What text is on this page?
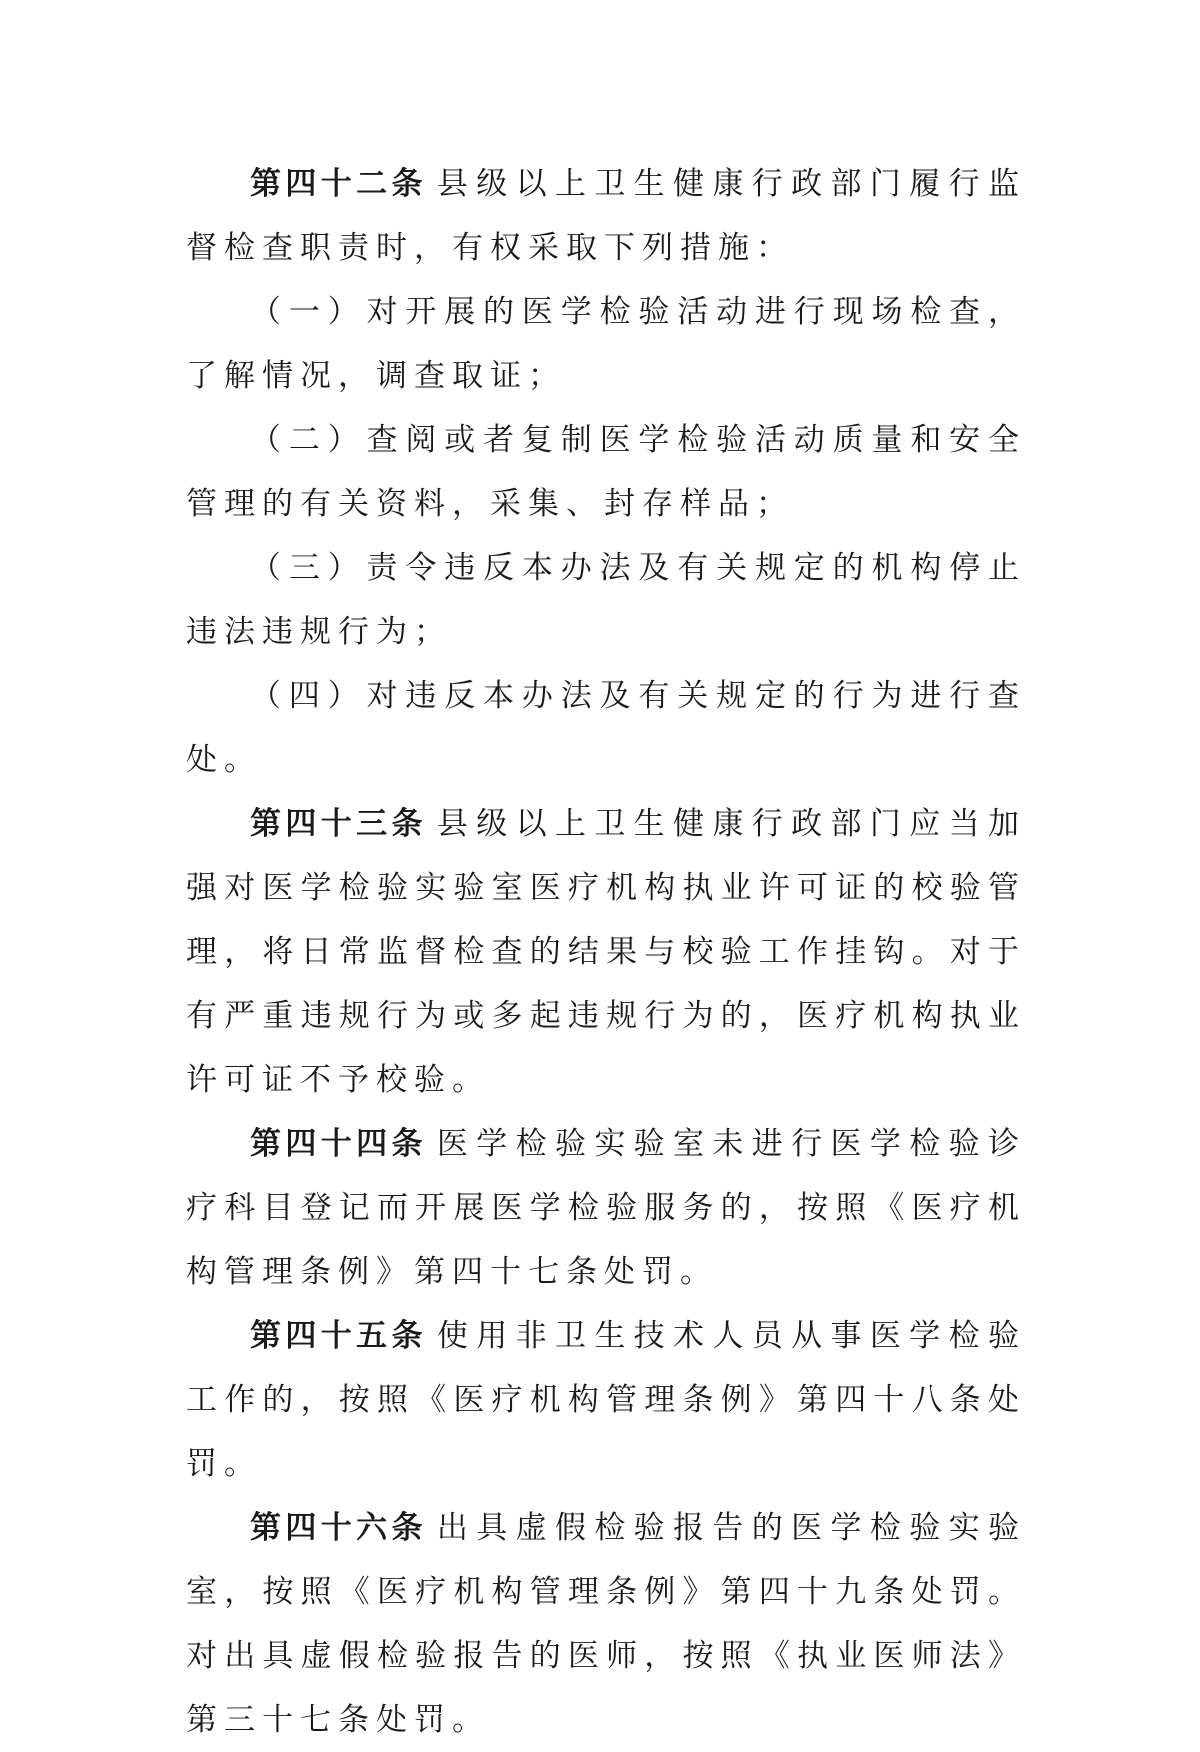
第四十二条 县级以上卫生健康行政部门履行监督检查职责时，有权采取下列措施：

（一）对开展的医学检验活动进行现场检查，了解情况，调查取证；

（二）查阅或者复制医学检验活动质量和安全管理的有关资料，采集、封存样品；

（三）责令违反本办法及有关规定的机构停止违法违规行为；

（四）对违反本办法及有关规定的行为进行查处。

第四十三条 县级以上卫生健康行政部门应当加强对医学检验实验室医疗机构执业许可证的校验管理，将日常监督检查的结果与校验工作挂钩。对于有严重违规行为或多起违规行为的，医疗机构执业许可证不予校验。

第四十四条 医学检验实验室未进行医学检验诊疗科目登记而开展医学检验服务的，按照《医疗机构管理条例》第四十七条处罚。

第四十五条 使用非卫生技术人员从事医学检验工作的，按照《医疗机构管理条例》第四十八条处罚。

第四十六条 出具虚假检验报告的医学检验实验室，按照《医疗机构管理条例》第四十九条处罚。对出具虚假检验报告的医师，按照《执业医师法》第三十七条处罚。
